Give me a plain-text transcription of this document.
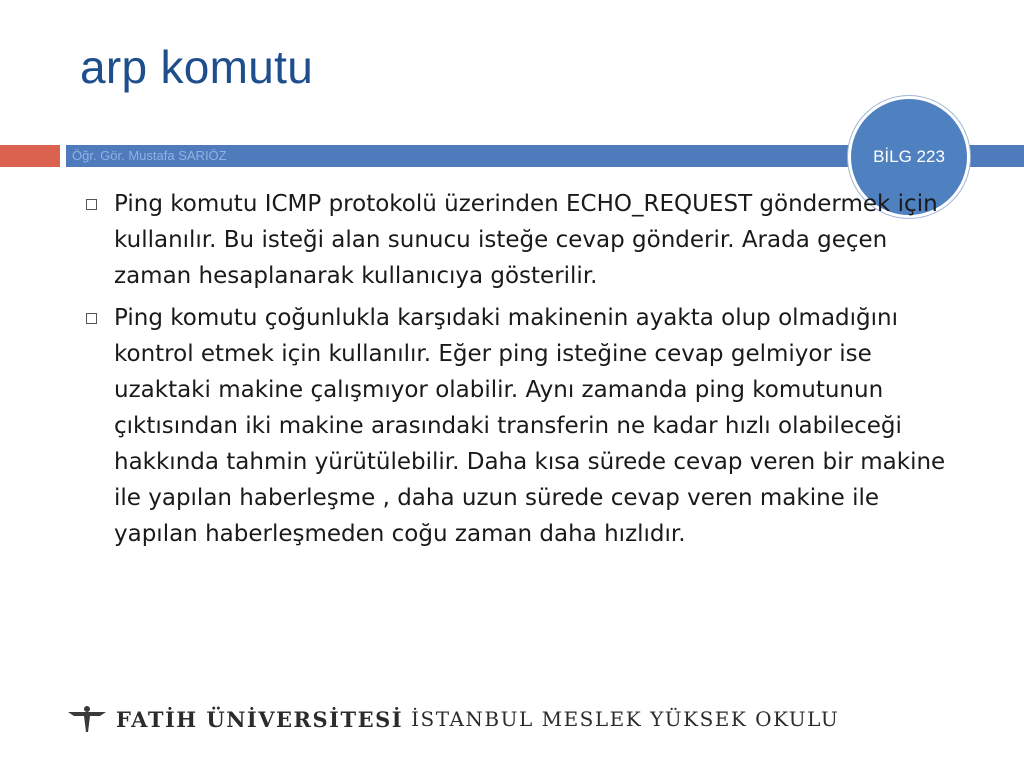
arp komutu
Öğr. Gör. Mustafa SARIÖZ	BİLG 223
Ping komutu ICMP protokolü üzerinden ECHO_REQUEST göndermek için kullanılır. Bu isteği alan sunucu isteğe cevap gönderir. Arada geçen zaman hesaplanarak kullanıcıya gösterilir.
Ping komutu çoğunlukla karşıdaki makinenin ayakta olup olmadığını kontrol etmek için kullanılır. Eğer ping isteğine cevap gelmiyor ise uzaktaki makine çalışmıyor olabilir. Aynı zamanda ping komutunun çıktısından iki makine arasındaki transferin ne kadar hızlı olabileceği hakkında tahmin yürütülebilir. Daha kısa sürede cevap veren bir makine ile yapılan haberleşme , daha uzun sürede cevap veren makine ile yapılan haberleşmeden coğu zaman daha hızlıdır.
FATİH ÜNİVERSİTESİ İSTANBUL MESLEK YÜKSEK OKULU
